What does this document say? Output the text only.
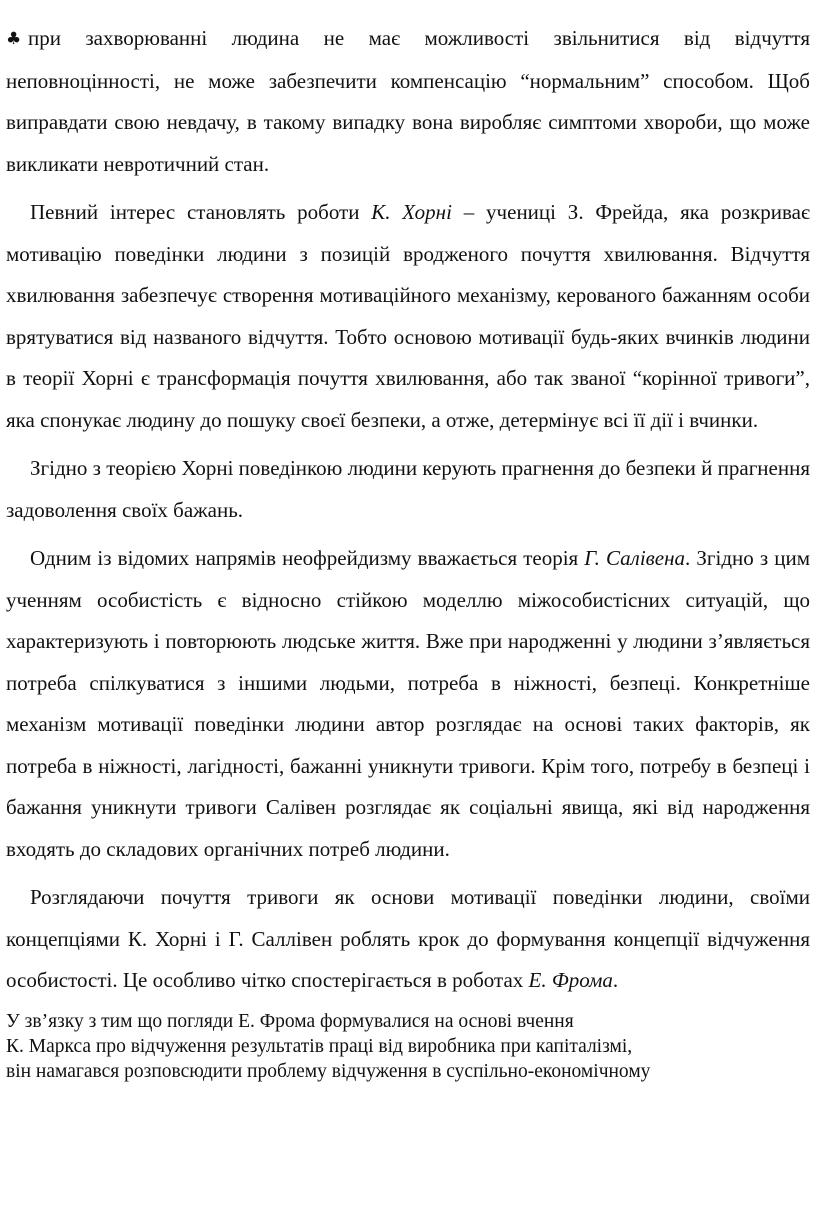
♣ при захворюванні людина не має можливості звільнитися від відчуття неповноцінності, не може забезпечити компенсацію “нормальним” способом. Щоб виправдати свою невдачу, в такому випадку вона виробляє симптоми хвороби, що може викликати невротичний стан.

Певний інтерес становлять роботи К. Хорні – учениці З. Фрейда, яка розкриває мотивацію поведінки людини з позицій вродженого почуття хвилювання. Відчуття хвилювання забезпечує створення мотиваційного механізму, керованого бажанням особи врятуватися від названого відчуття. Тобто основою мотивації будь-яких вчинків людини в теорії Хорні є трансформація почуття хвилювання, або так званої “корінної тривоги”, яка спонукає людину до пошуку своєї безпеки, а отже, детермінує всі її дії і вчинки.

Згідно з теорією Хорні поведінкою людини керують прагнення до безпеки й прагнення задоволення своїх бажань.

Одним із відомих напрямів неофрейдизму вважається теорія Г. Салівена. Згідно з цим ученням особистість є відносно стійкою моделлю міжособистісних ситуацій, що характеризують і повторюють людське життя. Вже при народженні у людини з’являється потреба спілкуватися з іншими людьми, потреба в ніжності, безпеці. Конкретніше механізм мотивації поведінки людини автор розглядає на основі таких факторів, як потреба в ніжності, лагідності, бажанні уникнути тривоги. Крім того, потребу в безпеці і бажання уникнути тривоги Салівен розглядає як соціальні явища, які від народження входять до складових органічних потреб людини.

Розглядаючи почуття тривоги як основи мотивації поведінки людини, своїми концепціями К. Хорні і Г. Саллівен роблять крок до формування концепції відчуження особистості. Це особливо чітко спостерігається в роботах Е. Фрома.

У зв’язку з тим що погляди Е. Фрома формувалися на основі вчення
К. Маркса про відчуження результатів праці від виробника при капіталізмі,
він намагався розповсюдити проблему відчуження в суспільно-економічному
